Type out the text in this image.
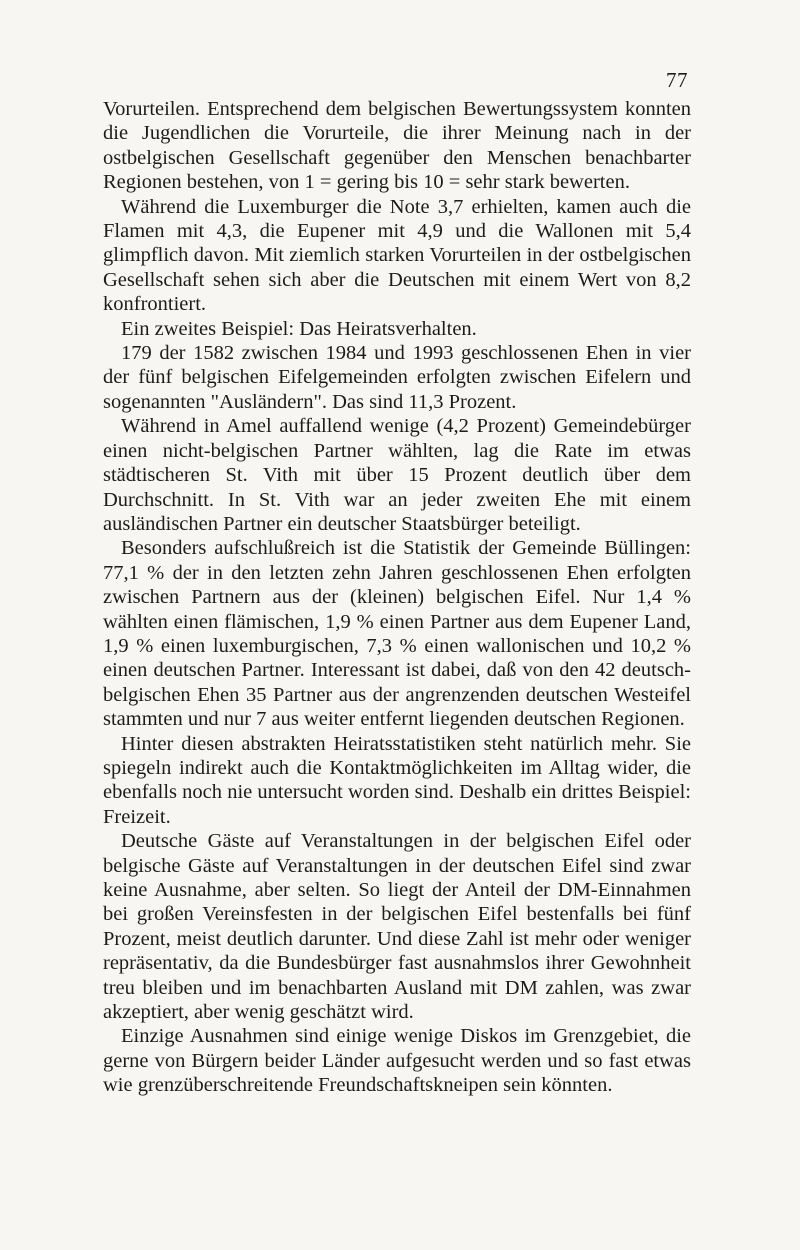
77

Vorurteilen. Entsprechend dem belgischen Bewertungssystem konnten die Jugendlichen die Vorurteile, die ihrer Meinung nach in der ostbelgischen Gesellschaft gegenüber den Menschen benachbarter Regionen bestehen, von 1 = gering bis 10 = sehr stark bewerten.

Während die Luxemburger die Note 3,7 erhielten, kamen auch die Flamen mit 4,3, die Eupener mit 4,9 und die Wallonen mit 5,4 glimpflich davon. Mit ziemlich starken Vorurteilen in der ostbelgischen Gesellschaft sehen sich aber die Deutschen mit einem Wert von 8,2 konfrontiert.

Ein zweites Beispiel: Das Heiratsverhalten.

179 der 1582 zwischen 1984 und 1993 geschlossenen Ehen in vier der fünf belgischen Eifelgemeinden erfolgten zwischen Eifelern und sogenannten "Ausländern". Das sind 11,3 Prozent.

Während in Amel auffallend wenige (4,2 Prozent) Gemeindebürger einen nicht-belgischen Partner wählten, lag die Rate im etwas städtischeren St. Vith mit über 15 Prozent deutlich über dem Durchschnitt. In St. Vith war an jeder zweiten Ehe mit einem ausländischen Partner ein deutscher Staatsbürger beteiligt.

Besonders aufschlußreich ist die Statistik der Gemeinde Büllingen: 77,1 % der in den letzten zehn Jahren geschlossenen Ehen erfolgten zwischen Partnern aus der (kleinen) belgischen Eifel. Nur 1,4 % wählten einen flämischen, 1,9 % einen Partner aus dem Eupener Land, 1,9 % einen luxemburgischen, 7,3 % einen wallonischen und 10,2 % einen deutschen Partner. Interessant ist dabei, daß von den 42 deutsch-belgischen Ehen 35 Partner aus der angrenzenden deutschen Westeifel stammten und nur 7 aus weiter entfernt liegenden deutschen Regionen.

Hinter diesen abstrakten Heiratsstatistiken steht natürlich mehr. Sie spiegeln indirekt auch die Kontaktmöglichkeiten im Alltag wider, die ebenfalls noch nie untersucht worden sind. Deshalb ein drittes Beispiel: Freizeit.

Deutsche Gäste auf Veranstaltungen in der belgischen Eifel oder belgische Gäste auf Veranstaltungen in der deutschen Eifel sind zwar keine Ausnahme, aber selten. So liegt der Anteil der DM-Einnahmen bei großen Vereinsfesten in der belgischen Eifel bestenfalls bei fünf Prozent, meist deutlich darunter. Und diese Zahl ist mehr oder weniger repräsentativ, da die Bundesbürger fast ausnahmslos ihrer Gewohnheit treu bleiben und im benachbarten Ausland mit DM zahlen, was zwar akzeptiert, aber wenig geschätzt wird.

Einzige Ausnahmen sind einige wenige Diskos im Grenzgebiet, die gerne von Bürgern beider Länder aufgesucht werden und so fast etwas wie grenzüberschreitende Freundschaftskneipen sein könnten.
